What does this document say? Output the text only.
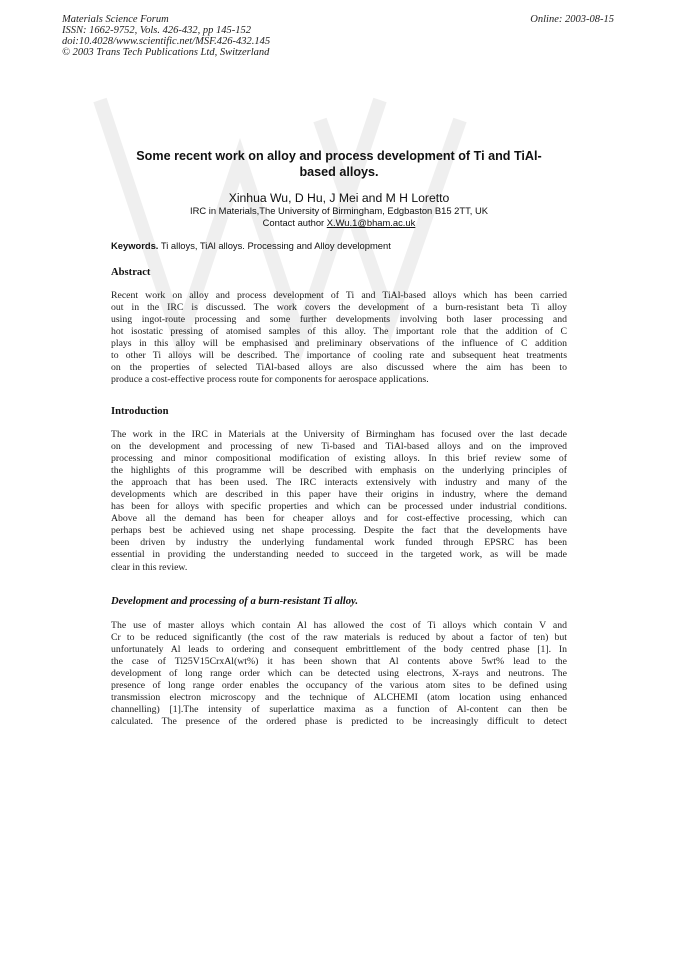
Materials Science Forum
ISSN: 1662-9752, Vols. 426-432, pp 145-152
doi:10.4028/www.scientific.net/MSF.426-432.145
© 2003 Trans Tech Publications Ltd, Switzerland
Online: 2003-08-15
Some recent work on alloy and process development of Ti and TiAl-
based alloys.
Xinhua Wu, D Hu, J Mei and M H Loretto
IRC in Materials,The University of Birmingham, Edgbaston B15 2TT, UK
Contact author X.Wu.1@bham.ac.uk
Keywords. Ti alloys, TiAl alloys. Processing and Alloy development
Abstract
Recent work on alloy and process development of Ti and TiAl-based alloys which has been carried
out in the IRC is discussed. The work covers the development of a burn-resistant beta Ti alloy
using ingot-route processing and some further developments involving both laser processing and
hot isostatic pressing of atomised samples of this alloy. The important role that the addition of C
plays in this alloy will be emphasised and preliminary observations of the influence of C addition
to other Ti alloys will be described. The importance of cooling rate and subsequent heat treatments
on the properties of selected TiAl-based alloys are also discussed where the aim has been to
produce a cost-effective process route for components for aerospace applications.
Introduction
The work in the IRC in Materials at the University of Birmingham has focused over the last decade
on the development and processing of new Ti-based and TiAl-based alloys and on the improved
processing and minor compositional modification of existing alloys. In this brief review some of
the highlights of this programme will be described with emphasis on the underlying principles of
the approach that has been used. The IRC interacts extensively with industry and many of the
developments which are described in this paper have their origins in industry, where the demand
has been for alloys with specific properties and which can be processed under industrial conditions.
Above all the demand has been for cheaper alloys and for cost-effective processing, which can
perhaps best be achieved using net shape processing. Despite the fact that the developments have
been driven by industry the underlying fundamental work funded through EPSRC has been
essential in providing the understanding needed to succeed in the targeted work, as will be made
clear in this review.
Development and processing of a burn-resistant Ti alloy.
The use of master alloys which contain Al has allowed the cost of Ti alloys which contain V and
Cr to be reduced significantly (the cost of the raw materials is reduced by about a factor of ten) but
unfortunately Al leads to ordering and consequent embrittlement of the body centred phase [1]. In
the case of Ti25V15CrxAl(wt%) it has been shown that Al contents above 5wt% lead to the
development of long range order which can be detected using electrons, X-rays and neutrons. The
presence of long range order enables the occupancy of the various atom sites to be defined using
transmission electron microscopy and the technique of ALCHEMI (atom location using enhanced
channelling) [1].The intensity of superlattice maxima as a function of Al-content can then be
calculated. The presence of the ordered phase is predicted to be increasingly difficult to detect
